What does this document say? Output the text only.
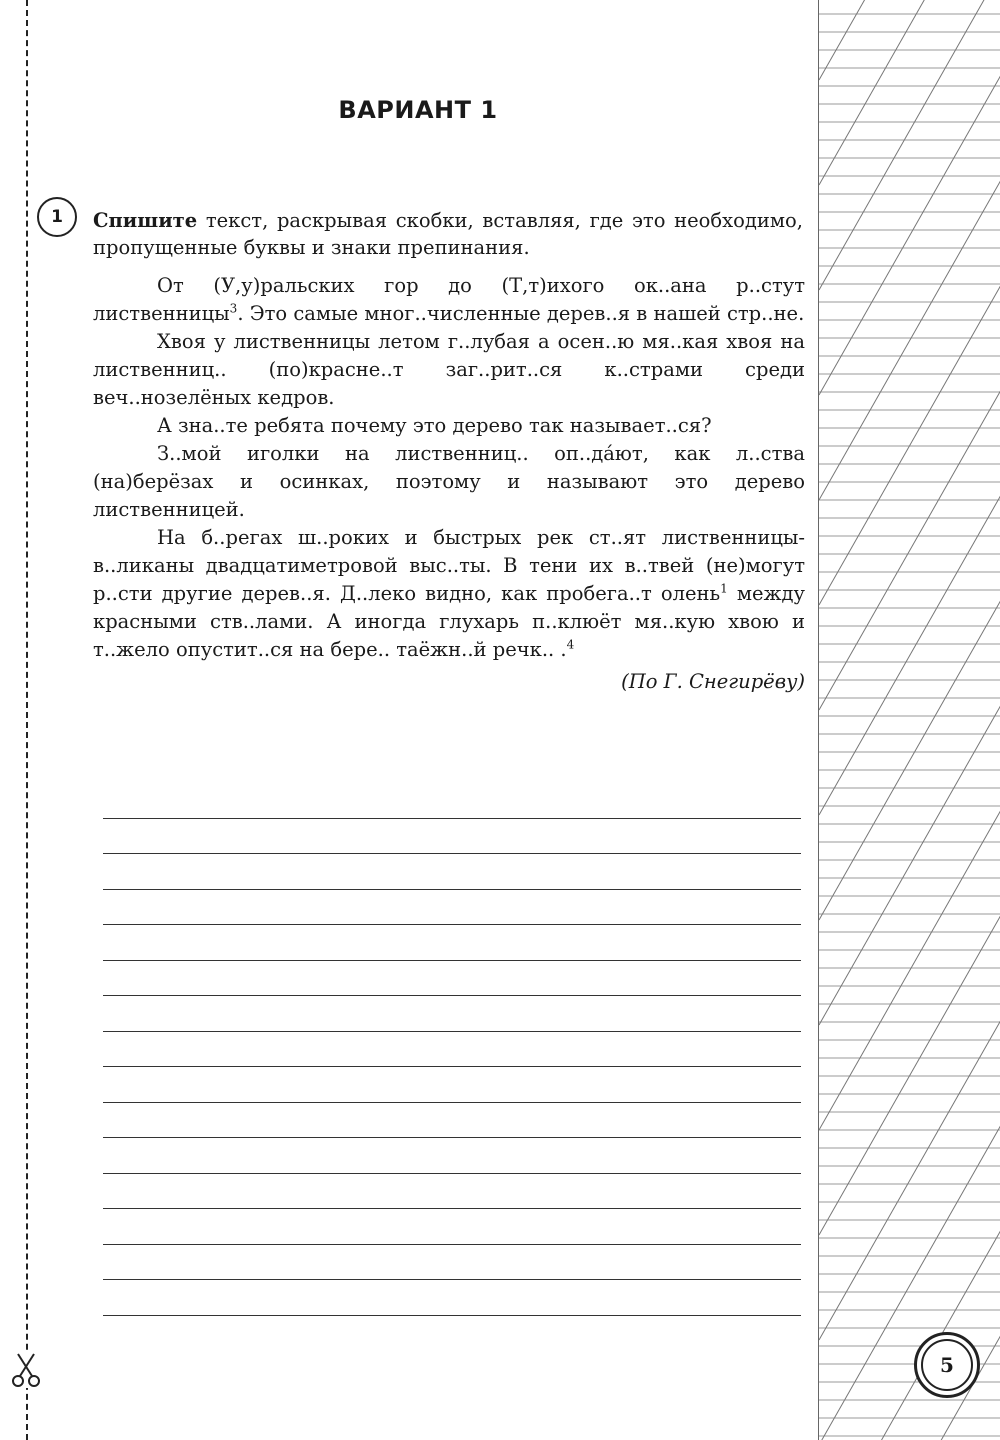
ВАРИАНТ 1
1	Спишите текст, раскрывая скобки, вставляя, где это необходимо, пропущенные буквы и знаки препинания.

От (У,у)ральских гор до (Т,т)ихого ок..ана р..стут лиственницы$^3$. Это самые мног..численные дерев..я в нашей стр..не.

Хвоя у лиственницы летом г..лубая а осен..ю мя..кая хвоя на лиственниц.. (по)красне..т заг..рит..ся к..страми среди веч..нозелёных кедров.

А зна..те ребята почему это дерево так называет..ся?

З..мой иголки на лиственниц.. оп..да́ют, как л..ства (на)берёзах и осинках, поэтому и называют это дерево лиственницей.

На б..регах ш..роких и быстрых рек ст..ят лиственницы-в..ликаны двадцатиметровой выс..ты. В тени их в..твей (не)могут р..сти другие дерев..я. Д..леко видно, как пробега..т олень$^1$ между красными ств..лами. А иногда глухарь п..клюёт мя..кую хвою и т..жело опустит..ся на бере.. таёжн..й речк.. .$^4$

(По Г. Снегирёву)

5
